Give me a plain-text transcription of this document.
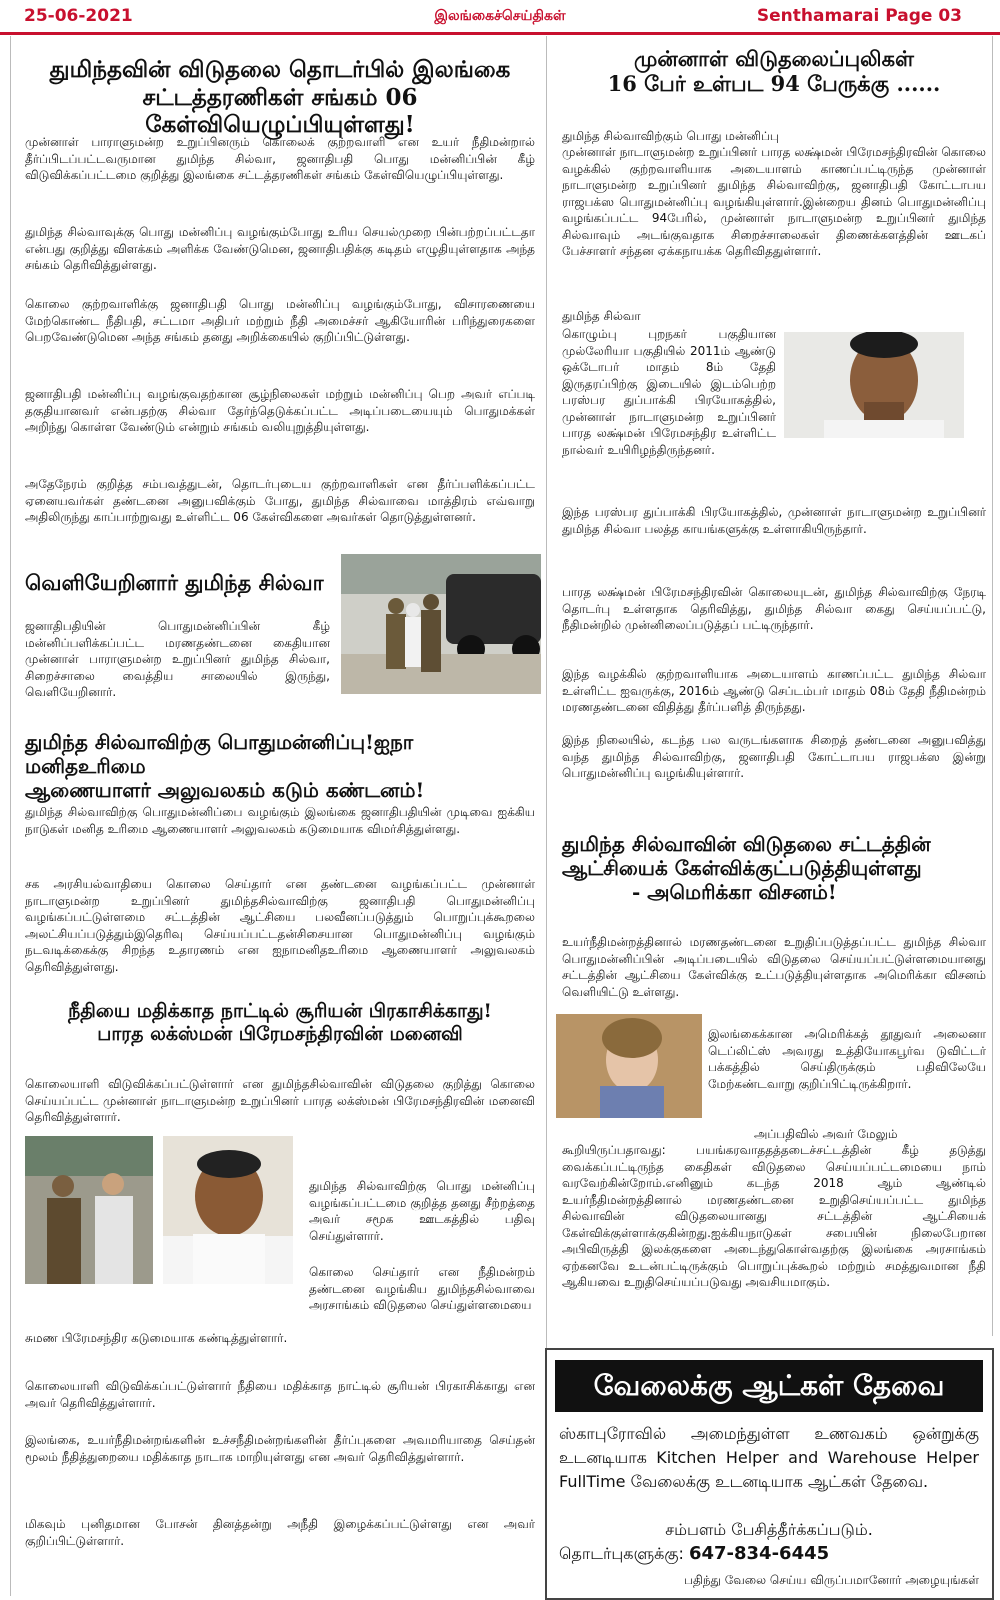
25-06-2021	இலங்கைச்செய்திகள்	Senthamarai Page 03
துமிந்தவின் விடுதலை தொடர்பில் இலங்கை
சட்டத்தரணிகள் சங்கம் 06 கேள்வியெழுப்பியுள்ளது!
முன்னாள் பாராளுமன்ற உறுப்பினரும் கொலைக் குற்றவாளி என உயர் நீதிமன்றால் தீர்ப்பிடப்பட்டவருமான துமிந்த சில்வா, ஜனாதிபதி பொது மன்னிப்பின் கீழ் விடுவிக்கப்பட்டமை குறித்து இலங்கை சட்டத்தரணிகள் சங்கம் கேள்வியெழுப்பியுள்ளது.
துமிந்த சில்வாவுக்கு பொது மன்னிப்பு வழங்கும்போது உரிய செயல்முறை பின்பற்றப்பட்டதா என்பது குறித்து விளக்கம் அளிக்க வேண்டுமென, ஜனாதிபதிக்கு கடிதம் எழுதியுள்ளதாக அந்த சங்கம் தெரிவித்துள்ளது.
கொலை குற்றவாளிக்கு ஜனாதிபதி பொது மன்னிப்பு வழங்கும்போது, விசாரணையை மேற்கொண்ட நீதிபதி, சட்டமா அதிபர் மற்றும் நீதி அமைச்சர் ஆகியோரின் பரிந்துரைகளை பெறவேண்டுமென அந்த சங்கம் தனது அறிக்கையில் குறிப்பிட்டுள்ளது.
ஜனாதிபதி மன்னிப்பு வழங்குவதற்கான சூழ்நிலைகள் மற்றும் மன்னிப்பு பெற அவர் எப்படி தகுதியானவர் என்பதற்கு சில்வா தேர்ந்தெடுக்கப்பட்ட அடிப்படையையும் பொதுமக்கள் அறிந்து கொள்ள வேண்டும் என்றும் சங்கம் வலியுறுத்தியுள்ளது.
அதேநேரம் குறித்த சம்பவத்துடன், தொடர்புடைய குற்றவாளிகள் என தீர்ப்பளிக்கப்பட்ட ஏனையவர்கள் தண்டனை அனுபவிக்கும் போது, துமிந்த சில்வாவை மாத்திரம் எவ்வாறு அதிலிருந்து காப்பாற்றுவது உள்ளிட்ட 06 கேள்விகளை அவர்கள் தொடுத்துள்ளனர்.
வெளியேறினார் துமிந்த சில்வா
ஜனாதிபதியின் பொதுமன்னிப்பின் கீழ் மன்னிப்பளிக்கப்பட்ட மரணதண்டனை கைதியான முன்னாள் பாராளுமன்ற உறுப்பினர் துமிந்த சில்வா, சிறைச்சாலை வைத்திய சாலையில் இருந்து, வெளியேறினார்.
துமிந்த சில்வாவிற்கு பொதுமன்னிப்பு!ஐநா மனிதஉரிமை
ஆணையாளர் அலுவலகம் கடும் கண்டனம்!
துமிந்த சில்வாவிற்கு பொதுமன்னிப்பை வழங்கும் இலங்கை ஜனாதிபதியின் முடிவை ஐக்கிய நாடுகள் மனித உரிமை ஆணையாளர் அலுவலகம் கடுமையாக விமர்சித்துள்ளது.
சக அரசியல்வாதியை கொலை செய்தார் என தண்டனை வழங்கப்பட்ட முன்னாள் நாடாளுமன்ற உறுப்பினர் துமிந்தசில்வாவிற்கு ஜனாதிபதி பொதுமன்னிப்பு வழங்கப்பட்டுள்ளமை சட்டத்தின் ஆட்சியை பலவீனப்படுத்தும் பொறுப்புக்கூறலை அலட்சியப்படுத்தும்இதெரிவு செய்யப்பட்டதன்சிசையான பொதுமன்னிப்பு வழங்கும் நடவடிக்கைக்கு சிறந்த உதாரணம் என ஐநாமனிதஉரிமை ஆணையாளர் அலுவலகம் தெரிவித்துள்ளது.
நீதியை மதிக்காத நாட்டில் சூரியன் பிரகாசிக்காது!
பாரத லக்ஸ்மன் பிரேமசந்திரவின் மனைவி
கொலையாளி விடுவிக்கப்பட்டுள்ளார் என துமிந்தசில்வாவின் விடுதலை குறித்து கொலை செய்யப்பட்ட முன்னாள் நாடாளுமன்ற உறுப்பினர் பாரத லக்ஸ்மன் பிரேமசந்திரவின் மனைவி தெரிவித்துள்ளார்.
துமிந்த சில்வாவிற்கு பொது மன்னிப்பு வழங்கப்பட்டமை குறித்த தனது சீற்றத்தை அவர் சமூக ஊடகத்தில் பதிவு செய்துள்ளார்.
கொலை செய்தார் என நீதிமன்றம் தண்டனை வழங்கிய துமிந்தசில்வாவை அரசாங்கம் விடுதலை செய்துள்ளமையை
சுமண பிரேமசந்திர கடுமையாக கண்டித்துள்ளார்.
கொலையாளி விடுவிக்கப்பட்டுள்ளார் நீதியை மதிக்காத நாட்டில் சூரியன் பிரகாசிக்காது என அவர் தெரிவித்துள்ளார்.
இலங்கை, உயர்நீதிமன்றங்களின் உச்சநீதிமன்றங்களின் தீர்ப்புகளை அவமரியாதை செய்தன் மூலம் நீதித்துறையை மதிக்காத நாடாக மாறியுள்ளது என அவர் தெரிவித்துள்ளார்.
மிகவும் புனிதமான போசன் தினத்தன்று அநீதி இழைக்கப்பட்டுள்ளது என அவர் குறிப்பிட்டுள்ளார்.
முன்னாள் விடுதலைப்புலிகள்
16 பேர் உள்பட 94 பேருக்கு ......
துமிந்த சில்வாவிற்கும் பொது மன்னிப்பு
முன்னாள் நாடாளுமன்ற உறுப்பினர் பாரத லக்ஷ்மன் பிரேமசந்திரவின் கொலை வழக்கில் குற்றவாளியாக அடையாளம் காணப்பட்டிருந்த முன்னாள் நாடாளுமன்ற உறுப்பினர் துமிந்த சில்வாவிற்கு, ஜனாதிபதி கோட்டாபய ராஜபக்ஸ பொதுமன்னிப்பு வழங்கியுள்ளார்.இன்றைய தினம் பொதுமன்னிப்பு வழங்கப்பட்ட 94பேரில், முன்னாள் நாடாளுமன்ற உறுப்பினர் துமிந்த சில்வாவும் அடங்குவதாக சிறைச்சாலைகள் திணைக்களத்தின் ஊடகப் பேச்சாளர் சந்தன ஏக்கநாயக்க தெரிவிததுள்ளார்.
துமிந்த சில்வா
கொழும்பு புறநகர் பகுதியான முல்லேரியா பகுதியில் 2011ம் ஆண்டு ஒக்டோபர் மாதம் 8ம் தேதி இருதரப்பிற்கு இடையில் இடம்பெற்ற பரஸ்பர துப்பாக்கி பிரயோகத்தில், முன்னாள் நாடாளுமன்ற உறுப்பினர் பாரத லக்ஷ்மன் பிரேமசந்திர உள்ளிட்ட நால்வர் உயிரிழந்திருந்தனர்.
இந்த பரஸ்பர துப்பாக்கி பிரயோகத்தில், முன்னாள் நாடாளுமன்ற உறுப்பினர் துமிந்த சில்வா பலத்த காயங்களுக்கு உள்ளாகியிருந்தார்.
பாரத லக்ஷ்மன் பிரேமசந்திரவின் கொலையுடன், துமிந்த சில்வாவிற்கு நேரடி தொடர்பு உள்ளதாக தெரிவித்து, துமிந்த சில்வா கைது செய்யப்பட்டு, நீதிமன்றில் முன்னிலைப்படுத்தப் பட்டிருந்தார்.
இந்த வழக்கில் குற்றவாளியாக அடையாளம் காணப்பட்ட துமிந்த சில்வா உள்ளிட்ட ஐவருக்கு, 2016ம் ஆண்டு செப்டம்பர் மாதம் 08ம் தேதி நீதிமன்றம் மரணதண்டனை விதித்து தீர்ப்பளித் திருந்தது.
இந்த நிலையில், கடந்த பல வருடங்களாக சிறைத் தண்டனை அனுபவித்து வந்த துமிந்த சில்வாவிற்கு, ஜனாதிபதி கோட்டாபய ராஜபக்ஸ இன்று பொதுமன்னிப்பு வழங்கியுள்ளார்.
துமிந்த சில்வாவின் விடுதலை சட்டத்தின்
ஆட்சியைக் கேள்விக்குட்படுத்தியுள்ளது
- அமெரிக்கா விசனம்!
உயர்நீதிமன்றத்தினால் மரணதண்டனை உறுதிப்படுத்தப்பட்ட துமிந்த சில்வா பொதுமன்னிப்பின் அடிப்படையில் விடுதலை செய்யப்பட்டுள்ளமையானது சட்டத்தின் ஆட்சியை கேள்விக்கு உட்படுத்தியுள்ளதாக அமெரிக்கா விசனம் வெளியிட்டு உள்ளது.
இலங்கைக்கான அமெரிக்கத் தூதுவர் அலைனா டெப்லிட்ஸ் அவரது உத்தியோகபூர்வ டுவிட்டர் பக்கத்தில் செய்திருக்கும் பதிவிலேயே மேற்கண்டவாறு குறிப்பிட்டிருக்கிறார்.
அப்பதிவில் அவர் மேலும்
கூறியிருப்பதாவது: பயங்கரவாததத்தடைச்சட்டத்தின் கீழ் தடுத்து வைக்கப்பட்டிருந்த கைதிகள் விடுதலை செய்யப்பட்டமையை நாம் வரவேற்கின்றோம்.எனினும் கடந்த 2018 ஆம் ஆண்டில் உயர்நீதிமன்றத்தினால் மரணதண்டனை உறுதிசெய்யப்பட்ட துமிந்த சில்வாவின் விடுதலையானது சட்டத்தின் ஆட்சியைக் கேள்விக்குள்ளாக்குகின்றது.ஐக்கியநாடுகள் சபையின் நிலைபேறான அபிவிருத்தி இலக்குகளை அடைந்துகொள்வதற்கு இலங்கை அரசாங்கம் ஏற்கனவே உடன்பட்டிருக்கும் பொறுப்புக்கூறல் மற்றும் சமத்துவமான நீதி ஆகியவை உறுதிசெய்யப்படுவது அவசியமாகும்.
வேலைக்கு ஆட்கள் தேவை
ஸ்காபுரோவில் அமைந்துள்ள உணவகம் ஒன்றுக்கு உடனடியாக Kitchen Helper and Warehouse Helper FullTime வேலைக்கு உடனடியாக ஆட்கள் தேவை.
சம்பளம் பேசித்தீர்க்கப்படும்.
தொடர்புகளுக்கு: 647-834-6445
பதிந்து வேலை செய்ய விருப்பமானோர் அழையுங்கள்
